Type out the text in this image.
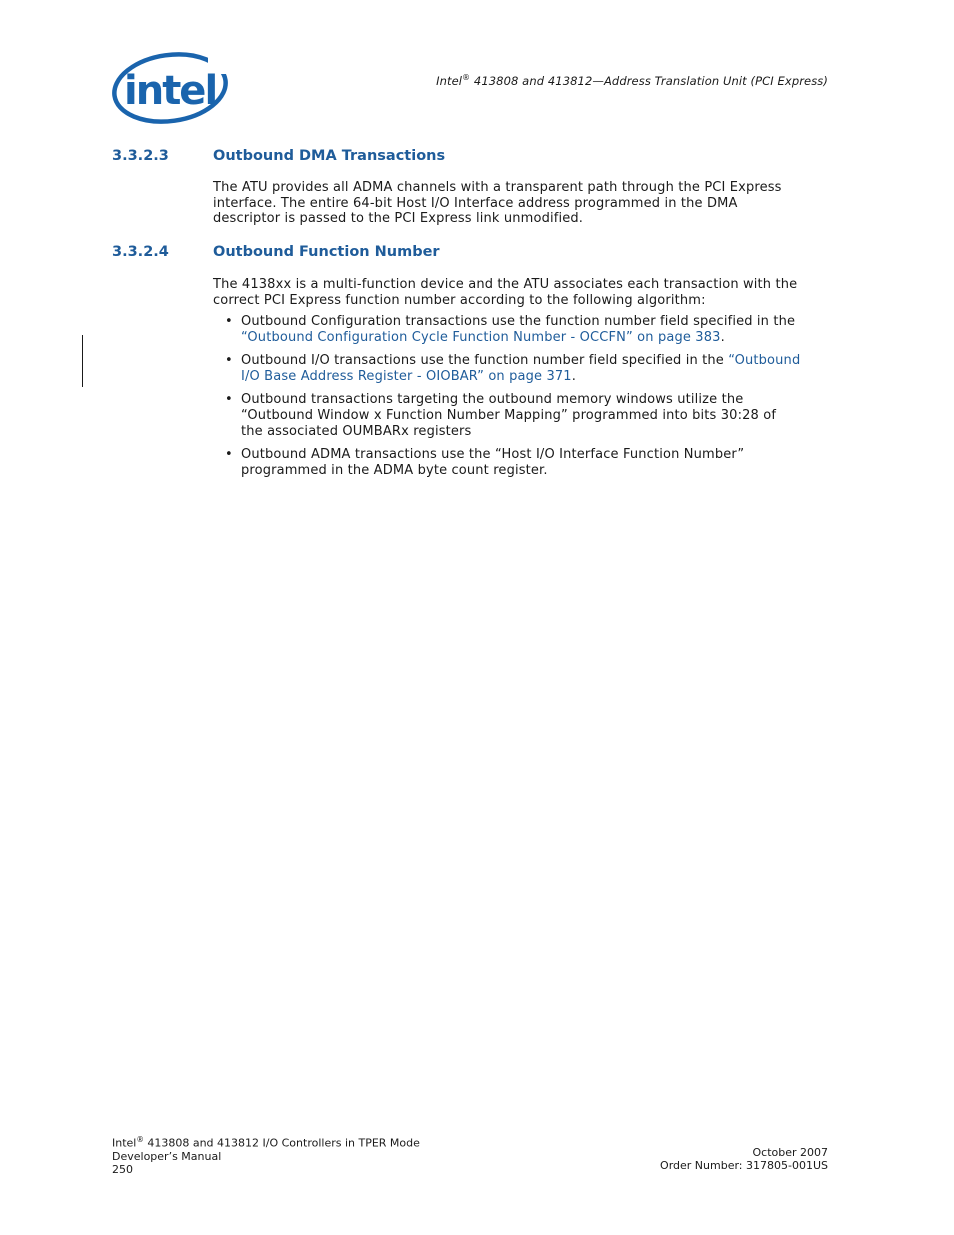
intel	Intel® 413808 and 413812—Address Translation Unit (PCI Express)
3.3.2.3	Outbound DMA Transactions

The ATU provides all ADMA channels with a transparent path through the PCI Express
interface. The entire 64-bit Host I/O Interface address programmed in the DMA
descriptor is passed to the PCI Express link unmodified.

3.3.2.4	Outbound Function Number

The 4138xx is a multi-function device and the ATU associates each transaction with the
correct PCI Express function number according to the following algorithm:

• Outbound Configuration transactions use the function number field specified in the
“Outbound Configuration Cycle Function Number - OCCFN” on page 383.
• Outbound I/O transactions use the function number field specified in the “Outbound
I/O Base Address Register - OIOBAR” on page 371.
• Outbound transactions targeting the outbound memory windows utilize the
“Outbound Window x Function Number Mapping” programmed into bits 30:28 of
the associated OUMBARx registers
• Outbound ADMA transactions use the “Host I/O Interface Function Number”
programmed in the ADMA byte count register.
Intel® 413808 and 413812 I/O Controllers in TPER Mode
Developer’s Manual
250
October 2007
Order Number: 317805-001US
